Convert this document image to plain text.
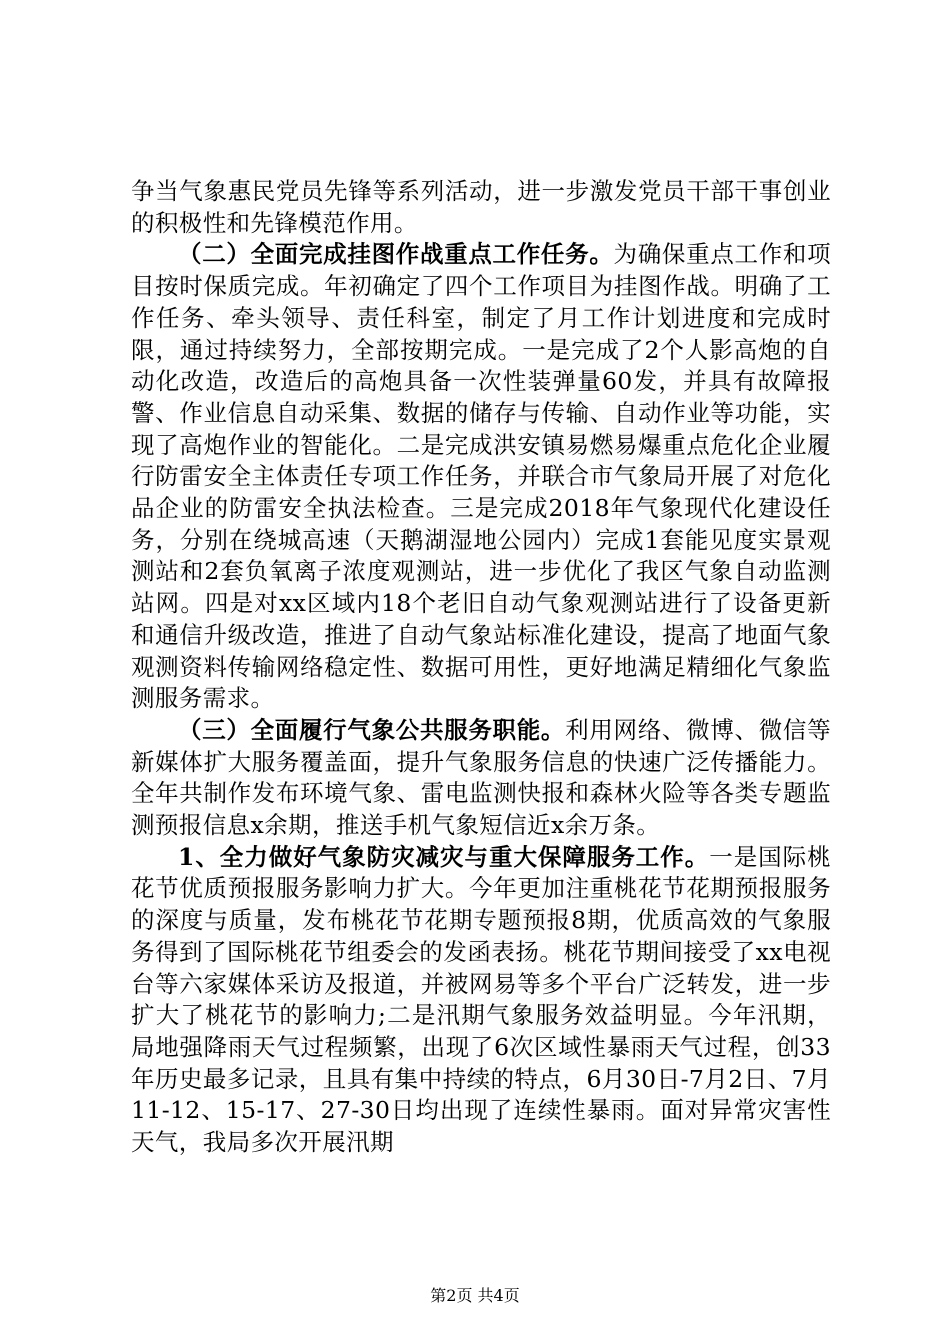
争当气象惠民党员先锋等系列活动，进一步激发党员干部干事创业的积极性和先锋模范作用。

（二）全面完成挂图作战重点工作任务。为确保重点工作和项目按时保质完成。年初确定了四个工作项目为挂图作战。明确了工作任务、牵头领导、责任科室，制定了月工作计划进度和完成时限，通过持续努力，全部按期完成。一是完成了2个人影高炮的自动化改造，改造后的高炮具备一次性装弹量60发，并具有故障报警、作业信息自动采集、数据的储存与传输、自动作业等功能，实现了高炮作业的智能化。二是完成洪安镇易燃易爆重点危化企业履行防雷安全主体责任专项工作任务，并联合市气象局开展了对危化品企业的防雷安全执法检查。三是完成2018年气象现代化建设任务，分别在绕城高速（天鹅湖湿地公园内）完成1套能见度实景观测站和2套负氧离子浓度观测站，进一步优化了我区气象自动监测站网。四是对xx区域内18个老旧自动气象观测站进行了设备更新和通信升级改造，推进了自动气象站标准化建设，提高了地面气象观测资料传输网络稳定性、数据可用性，更好地满足精细化气象监测服务需求。

（三）全面履行气象公共服务职能。利用网络、微博、微信等新媒体扩大服务覆盖面，提升气象服务信息的快速广泛传播能力。全年共制作发布环境气象、雷电监测快报和森林火险等各类专题监测预报信息x余期，推送手机气象短信近x余万条。

1、全力做好气象防灾减灾与重大保障服务工作。一是国际桃花节优质预报服务影响力扩大。今年更加注重桃花节花期预报服务的深度与质量，发布桃花节花期专题预报8期，优质高效的气象服务得到了国际桃花节组委会的发函表扬。桃花节期间接受了xx电视台等六家媒体采访及报道，并被网易等多个平台广泛转发，进一步扩大了桃花节的影响力;二是汛期气象服务效益明显。今年汛期，局地强降雨天气过程频繁，出现了6次区域性暴雨天气过程，创33年历史最多记录，且具有集中持续的特点，6月30日-7月2日、7月11-12、15-17、27-30日均出现了连续性暴雨。面对异常灾害性天气，我局多次开展汛期

第2页 共4页
